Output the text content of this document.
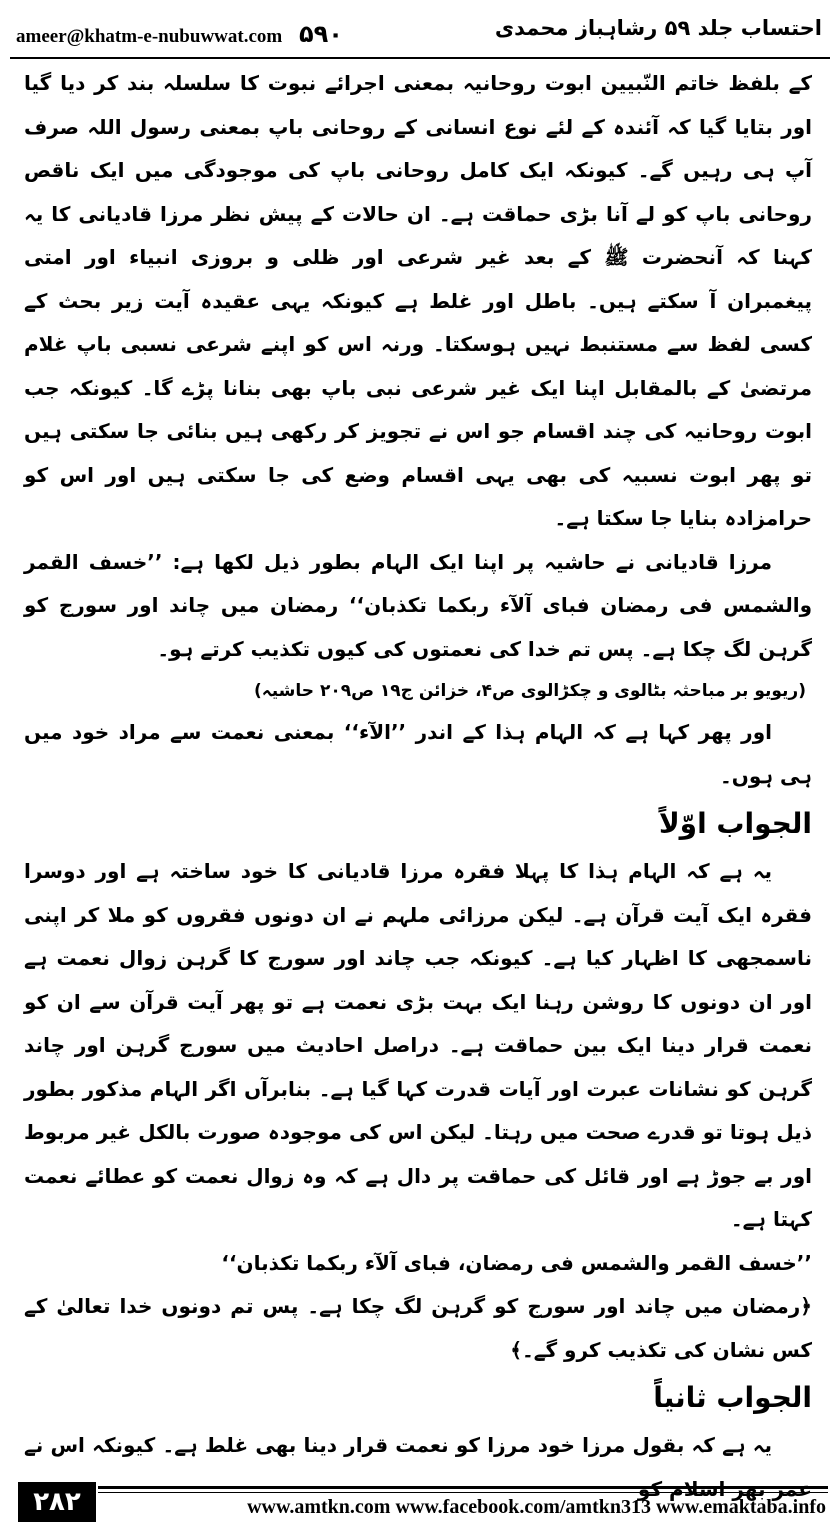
ameer@khatm-e-nubuwwat.com ۵۹۰	احتساب جلد ۵۹ رشاہباز محمدی

کے بلفظ خاتم النّبیین ابوت روحانیہ بمعنی اجرائے نبوت کا سلسلہ بند کر دیا گیا اور بتایا گیا کہ آئندہ کے لئے نوع انسانی کے روحانی باپ بمعنی رسول اللہ صرف آپ ہی رہیں گے۔ کیونکہ ایک کامل روحانی باپ کی موجودگی میں ایک ناقص روحانی باپ کو لے آنا بڑی حماقت ہے۔ ان حالات کے پیش نظر مرزا قادیانی کا یہ کہنا کہ آنحضرت ﷺ کے بعد غیر شرعی اور ظلی و بروزی انبیاء اور امتی پیغمبران آ سکتے ہیں۔ باطل اور غلط ہے کیونکہ یہی عقیدہ آیت زیر بحث کے کسی لفظ سے مستنبط نہیں ہوسکتا۔ ورنہ اس کو اپنے شرعی نسبی باپ غلام مرتضیٰ کے بالمقابل اپنا ایک غیر شرعی نبی باپ بھی بنانا پڑے گا۔ کیونکہ جب ابوت روحانیہ کی چند اقسام جو اس نے تجویز کر رکھی ہیں بنائی جا سکتی ہیں تو پھر ابوت نسبیہ کی بھی یہی اقسام وضع کی جا سکتی ہیں اور اس کو حرامزادہ بنایا جا سکتا ہے۔

مرزا قادیانی نے حاشیہ پر اپنا ایک الہام بطور ذیل لکھا ہے: ’’خسف القمر والشمس فی رمضان فبای آلآء ربکما تکذبان‘‘ رمضان میں چاند اور سورج کو گرہن لگ چکا ہے۔ پس تم خدا کی نعمتوں کی کیوں تکذیب کرتے ہو۔

(ریویو بر مباحثہ بٹالوی و چکڑالوی ص۴، خزائن ج۱۹ ص۲۰۹ حاشیہ)

اور پھر کہا ہے کہ الہام ہذا کے اندر ’’الآء‘‘ بمعنی نعمت سے مراد خود میں ہی ہوں۔

الجواب اوّلاً

یہ ہے کہ الہام ہذا کا پہلا فقرہ مرزا قادیانی کا خود ساختہ ہے اور دوسرا فقرہ ایک آیت قرآن ہے۔ لیکن مرزائی ملہم نے ان دونوں فقروں کو ملا کر اپنی ناسمجھی کا اظہار کیا ہے۔ کیونکہ جب چاند اور سورج کا گرہن زوال نعمت ہے اور ان دونوں کا روشن رہنا ایک بہت بڑی نعمت ہے تو پھر آیت قرآن سے ان کو نعمت قرار دینا ایک بین حماقت ہے۔ دراصل احادیث میں سورج گرہن اور چاند گرہن کو نشانات عبرت اور آیات قدرت کہا گیا ہے۔ بنابرآں اگر الہام مذکور بطور ذیل ہوتا تو قدرے صحت میں رہتا۔ لیکن اس کی موجودہ صورت بالکل غیر مربوط اور بے جوڑ ہے اور قائل کی حماقت پر دال ہے کہ وہ زوال نعمت کو عطائے نعمت کہتا ہے۔

’’خسف القمر والشمس فی رمضان، فبای آلآء ربکما تکذبان‘‘

﴿رمضان میں چاند اور سورج کو گرہن لگ چکا ہے۔ پس تم دونوں خدا تعالیٰ کے کس نشان کی تکذیب کرو گے۔﴾

الجواب ثانیاً

یہ ہے کہ بقول مرزا خود مرزا کو نعمت قرار دینا بھی غلط ہے۔ کیونکہ اس نے عمر بھر اسلام کو

۲۸۲	www.amtkn.com www.facebook.com/amtkn313 www.emaktaba.info
